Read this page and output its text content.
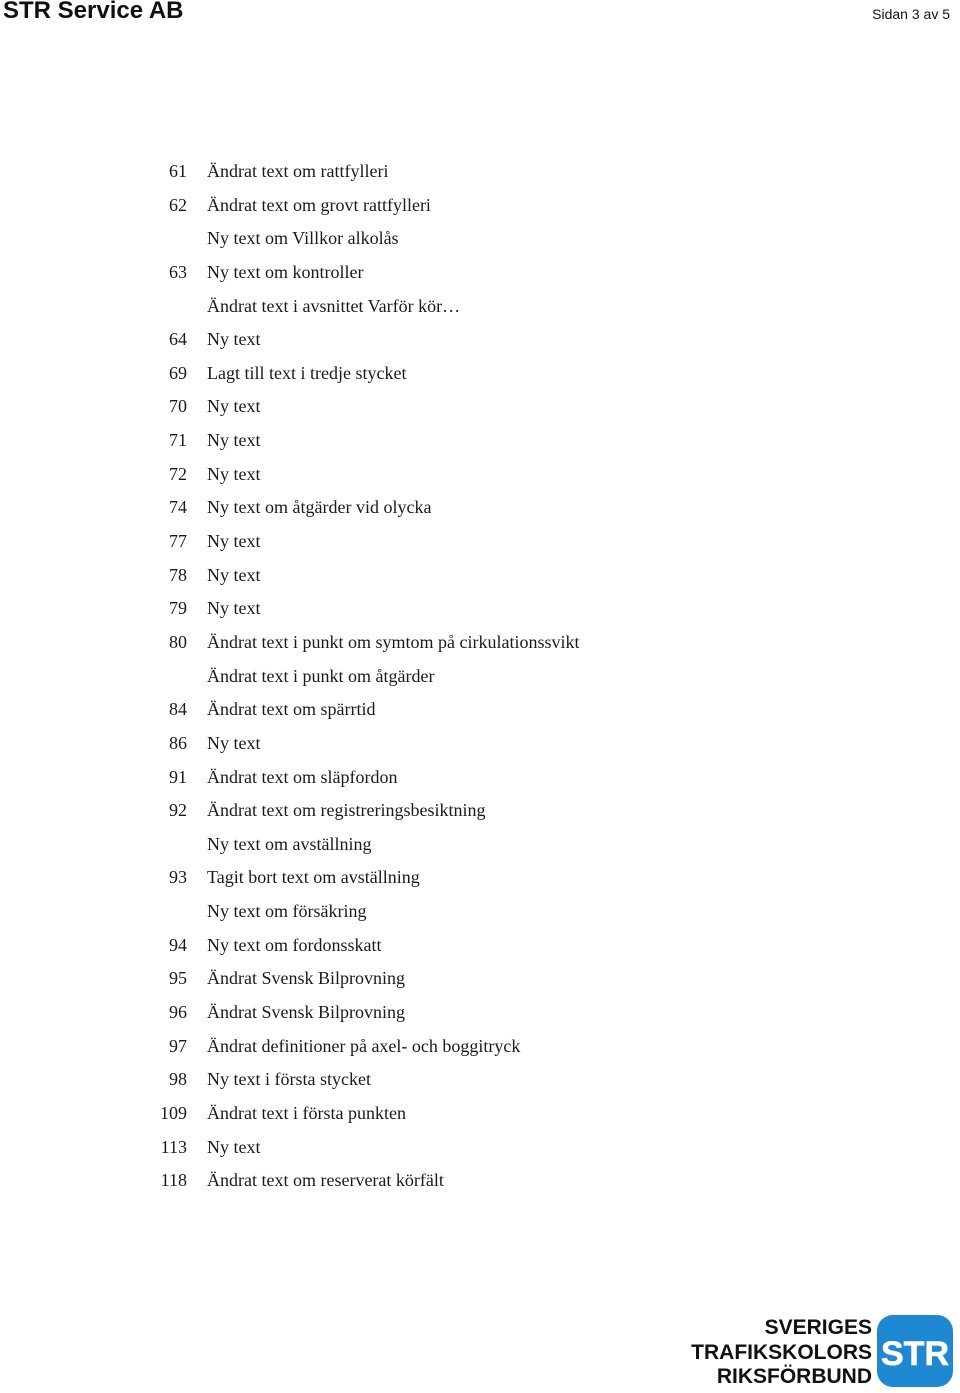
STR Service AB	Sidan 3 av 5
61 Ändrat text om rattfylleri
62 Ändrat text om grovt rattfylleri
Ny text om Villkor alkolås
63 Ny text om kontroller
Ändrat text i avsnittet Varför kör…
64 Ny text
69 Lagt till text i tredje stycket
70 Ny text
71 Ny text
72 Ny text
74 Ny text om åtgärder vid olycka
77 Ny text
78 Ny text
79 Ny text
80 Ändrat text i punkt om symtom på cirkulationssvikt
Ändrat text i punkt om åtgärder
84 Ändrat text om spärrtid
86 Ny text
91 Ändrat text om släpfordon
92 Ändrat text om registreringsbesiktning
Ny text om avställning
93 Tagit bort text om avställning
Ny text om försäkring
94 Ny text om fordonsskatt
95 Ändrat Svensk Bilprovning
96 Ändrat Svensk Bilprovning
97 Ändrat definitioner på axel- och boggitryck
98 Ny text i första stycket
109 Ändrat text i första punkten
113 Ny text
118 Ändrat text om reserverat körfält
SVERIGES
TRAFIKSKOLORS
RIKSFÖRBUND
STR
